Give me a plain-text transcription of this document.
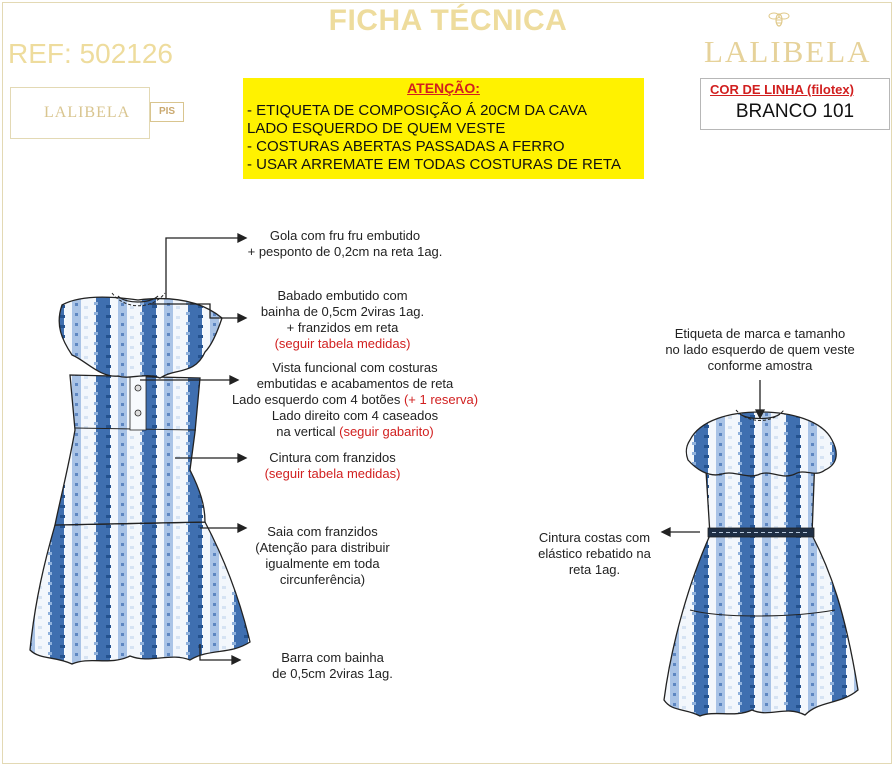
FICHA TÉCNICA
REF: 502126	LALIBELA
LALIBELA	PIS
ATENÇÃO:
- ETIQUETA DE COMPOSIÇÃO Á 20CM DA CAVA
LADO ESQUERDO DE QUEM VESTE
- COSTURAS ABERTAS PASSADAS A FERRO
- USAR ARREMATE EM TODAS COSTURAS DE RETA
COR DE LINHA (filotex)
BRANCO 101
Gola com fru fru embutido
+ pesponto de 0,2cm na reta 1ag.
Babado embutido com
bainha de 0,5cm 2viras 1ag.
+ franzidos em reta
(seguir tabela medidas)
Vista funcional com costuras
embutidas e acabamentos de reta
Lado esquerdo com 4 botões (+ 1 reserva)
Lado direito com 4 caseados
na vertical (seguir gabarito)
Cintura com franzidos
(seguir tabela medidas)
Saia com franzidos
(Atenção para distribuir
igualmente em toda
circunferência)
Barra com bainha
de 0,5cm 2viras 1ag.
Etiqueta de marca e tamanho
no lado esquerdo de quem veste
conforme amostra
Cintura costas com
elástico rebatido na
reta 1ag.
